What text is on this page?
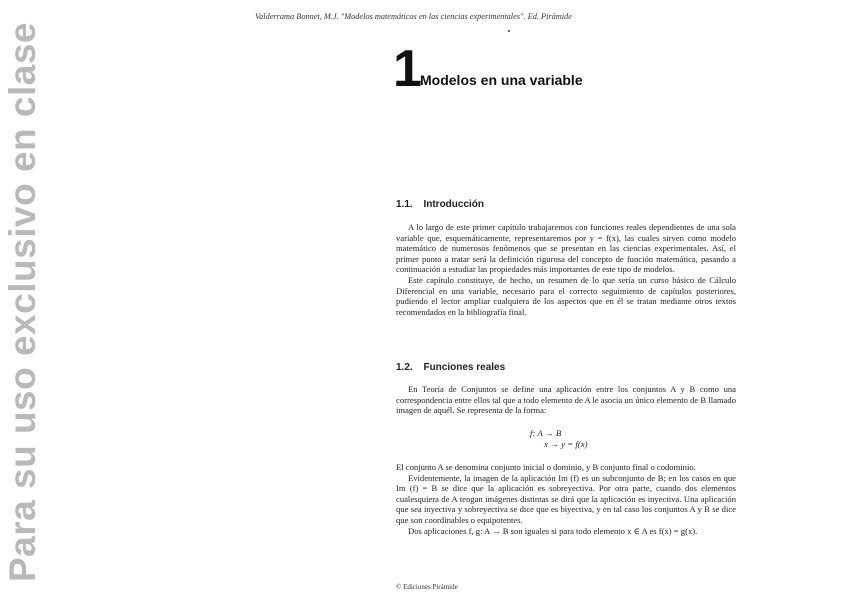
Para su uso exclusivo en clase
Valderrama Bonnet, M.J. "Modelos matemáticos en las ciencias experimentales". Ed. Pirámide
1
Modelos en una variable
1.1. Introducción

A lo largo de este primer capítulo trabajaremos con funciones reales dependientes de una sola variable que, esquemáticamente, representaremos por y = f(x), las cuales sirven como modelo matemático de numerosos fenómenos que se presentan en las ciencias experimentales. Así, el primer punto a tratar será la definición rigurosa del concepto de función matemática, pasando a continuación a estudiar las propiedades más importantes de este tipo de modelos.

Este capítulo constituye, de hecho, un resumen de lo que sería un curso básico de Cálculo Diferencial en una variable, necesario para el correcto seguimiento de capítulos posteriores, pudiendo el lector ampliar cualquiera de los aspectos que en él se tratan mediante otros textos recomendados en la bibliografía final.

1.2. Funciones reales

En Teoría de Conjuntos se define una aplicación entre los conjuntos A y B como una correspondencia entre ellos tal que a todo elemento de A le asocia un único elemento de B llamado imagen de aquél. Se representa de la forma:

f: A → B
x → y = f(x)

El conjunto A se denomina conjunto inicial o dominio, y B conjunto final o codominio.

Evidentemente, la imagen de la aplicación Im (f) es un subconjunto de B; en los casos en que Im (f) = B se dice que la aplicación es sobreyectiva. Por otra parte, cuando dos elementos cualesquiera de A tengan imágenes distintas se dirá que la aplicación es inyectiva. Una aplicación que sea inyectiva y sobreyectiva se dice que es biyectiva, y en tal caso los conjuntos A y B se dice que son coordinables o equipotentes.

Dos aplicaciones f, g: A → B son iguales si para todo elemento x ∈ A es f(x) = g(x).

© Ediciones Pirámide
